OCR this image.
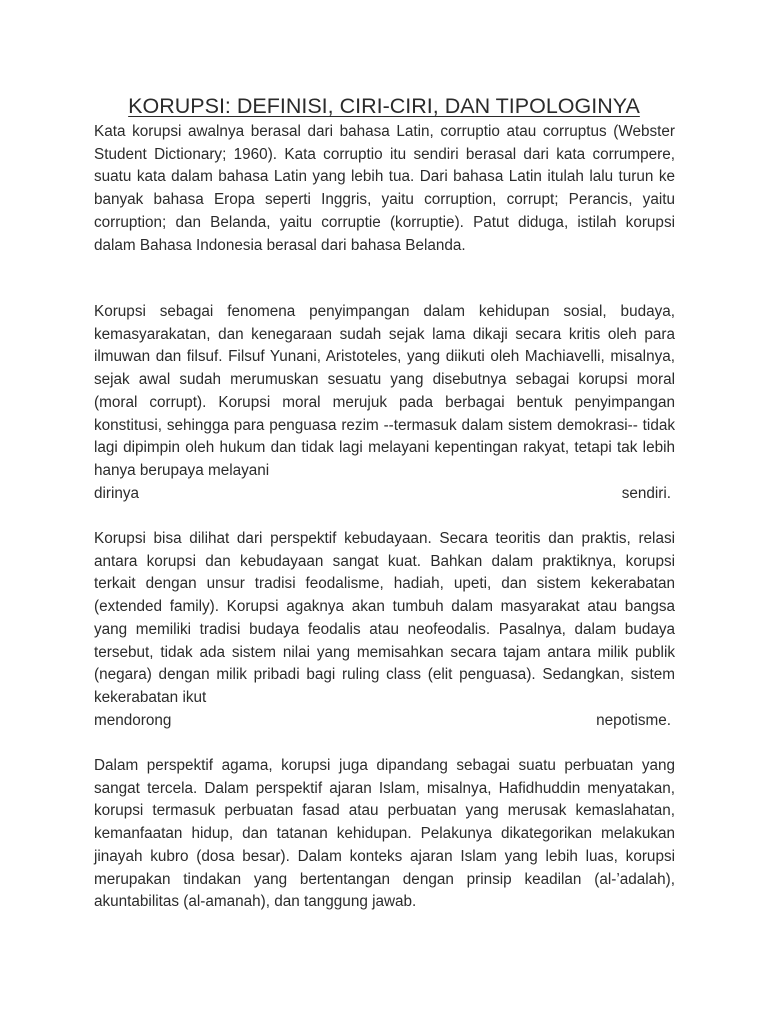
KORUPSI: DEFINISI, CIRI-CIRI, DAN TIPOLOGINYA

Kata korupsi awalnya berasal dari bahasa Latin, corruptio atau corruptus (Webster Student Dictionary; 1960). Kata corruptio itu sendiri berasal dari kata corrumpere, suatu kata dalam bahasa Latin yang lebih tua. Dari bahasa Latin itulah lalu turun ke banyak bahasa Eropa seperti Inggris, yaitu corruption, corrupt; Perancis, yaitu corruption; dan Belanda, yaitu corruptie (korruptie). Patut diduga, istilah korupsi dalam Bahasa Indonesia berasal dari bahasa Belanda.

Korupsi sebagai fenomena penyimpangan dalam kehidupan sosial, budaya, kemasyarakatan, dan kenegaraan sudah sejak lama dikaji secara kritis oleh para ilmuwan dan filsuf. Filsuf Yunani, Aristoteles, yang diikuti oleh Machiavelli, misalnya, sejak awal sudah merumuskan sesuatu yang disebutnya sebagai korupsi moral (moral corrupt). Korupsi moral merujuk pada berbagai bentuk penyimpangan konstitusi, sehingga para penguasa rezim --termasuk dalam sistem demokrasi-- tidak lagi dipimpin oleh hukum dan tidak lagi melayani kepentingan rakyat, tetapi tak lebih hanya berupaya melayani

dirinya	sendiri.

Korupsi bisa dilihat dari perspektif kebudayaan. Secara teoritis dan praktis, relasi antara korupsi dan kebudayaan sangat kuat. Bahkan dalam praktiknya, korupsi terkait dengan unsur tradisi feodalisme, hadiah, upeti, dan sistem kekerabatan (extended family). Korupsi agaknya akan tumbuh dalam masyarakat atau bangsa yang memiliki tradisi budaya feodalis atau neofeodalis. Pasalnya, dalam budaya tersebut, tidak ada sistem nilai yang memisahkan secara tajam antara milik publik (negara) dengan milik pribadi bagi ruling class (elit penguasa). Sedangkan, sistem kekerabatan ikut

mendorong	nepotisme.

Dalam perspektif agama, korupsi juga dipandang sebagai suatu perbuatan yang sangat tercela. Dalam perspektif ajaran Islam, misalnya, Hafidhuddin menyatakan, korupsi termasuk perbuatan fasad atau perbuatan yang merusak kemaslahatan, kemanfaatan hidup, dan tatanan kehidupan. Pelakunya dikategorikan melakukan jinayah kubro (dosa besar). Dalam konteks ajaran Islam yang lebih luas, korupsi merupakan tindakan yang bertentangan dengan prinsip keadilan (al-’adalah), akuntabilitas (al-amanah), dan tanggung jawab.
